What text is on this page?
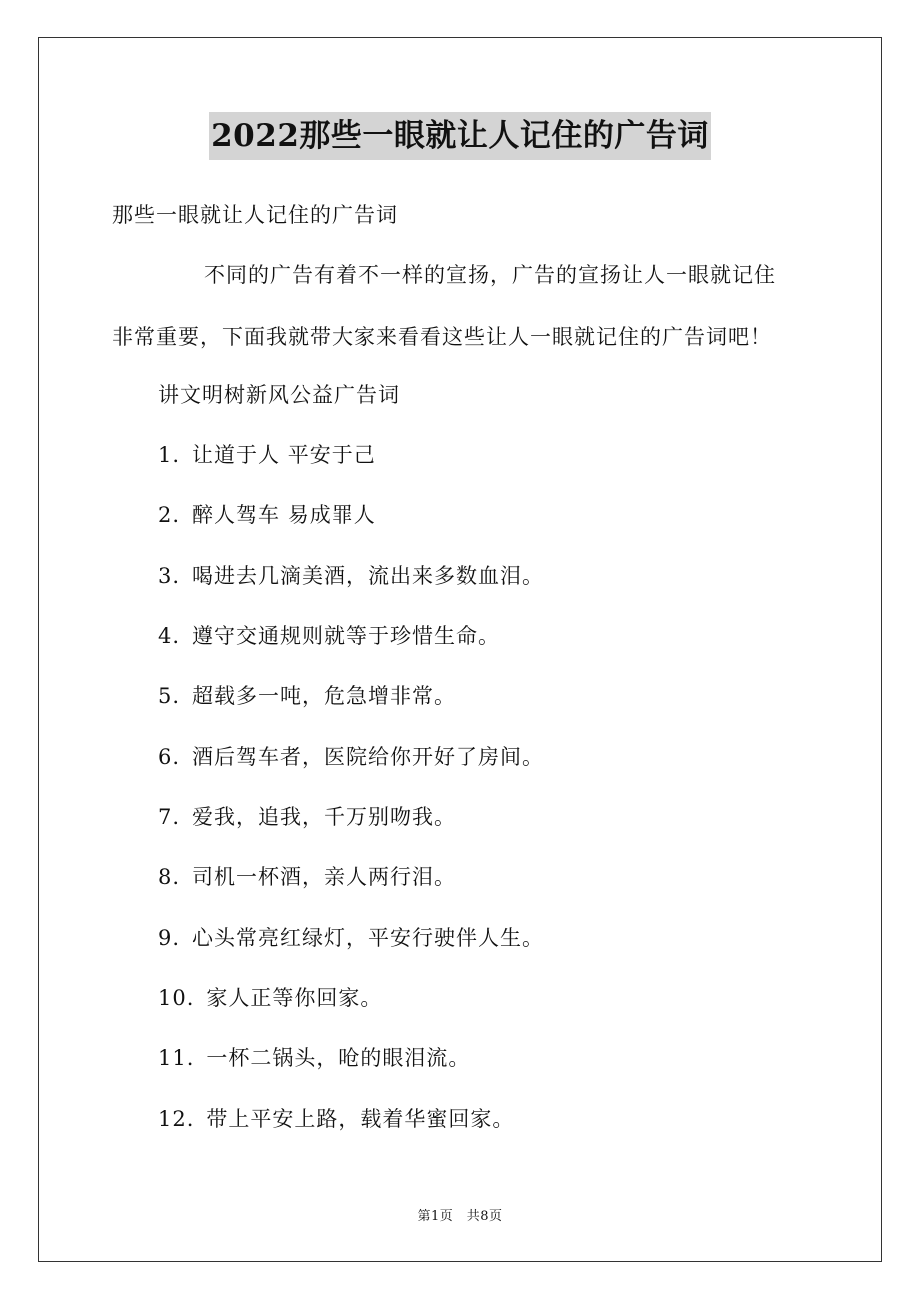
2022那些一眼就让人记住的广告词
那些一眼就让人记住的广告词
不同的广告有着不一样的宣扬，广告的宣扬让人一眼就记住
非常重要，下面我就带大家来看看这些让人一眼就记住的广告词吧！
讲文明树新风公益广告词
1. 让道于人 平安于己
2. 醉人驾车 易成罪人
3. 喝进去几滴美酒，流出来多数血泪。
4. 遵守交通规则就等于珍惜生命。
5. 超载多一吨，危急增非常。
6. 酒后驾车者，医院给你开好了房间。
7. 爱我，追我，千万别吻我。
8. 司机一杯酒，亲人两行泪。
9. 心头常亮红绿灯，平安行驶伴人生。
10. 家人正等你回家。
11. 一杯二锅头，呛的眼泪流。
12. 带上平安上路，载着华蜜回家。
第1页　共8页
